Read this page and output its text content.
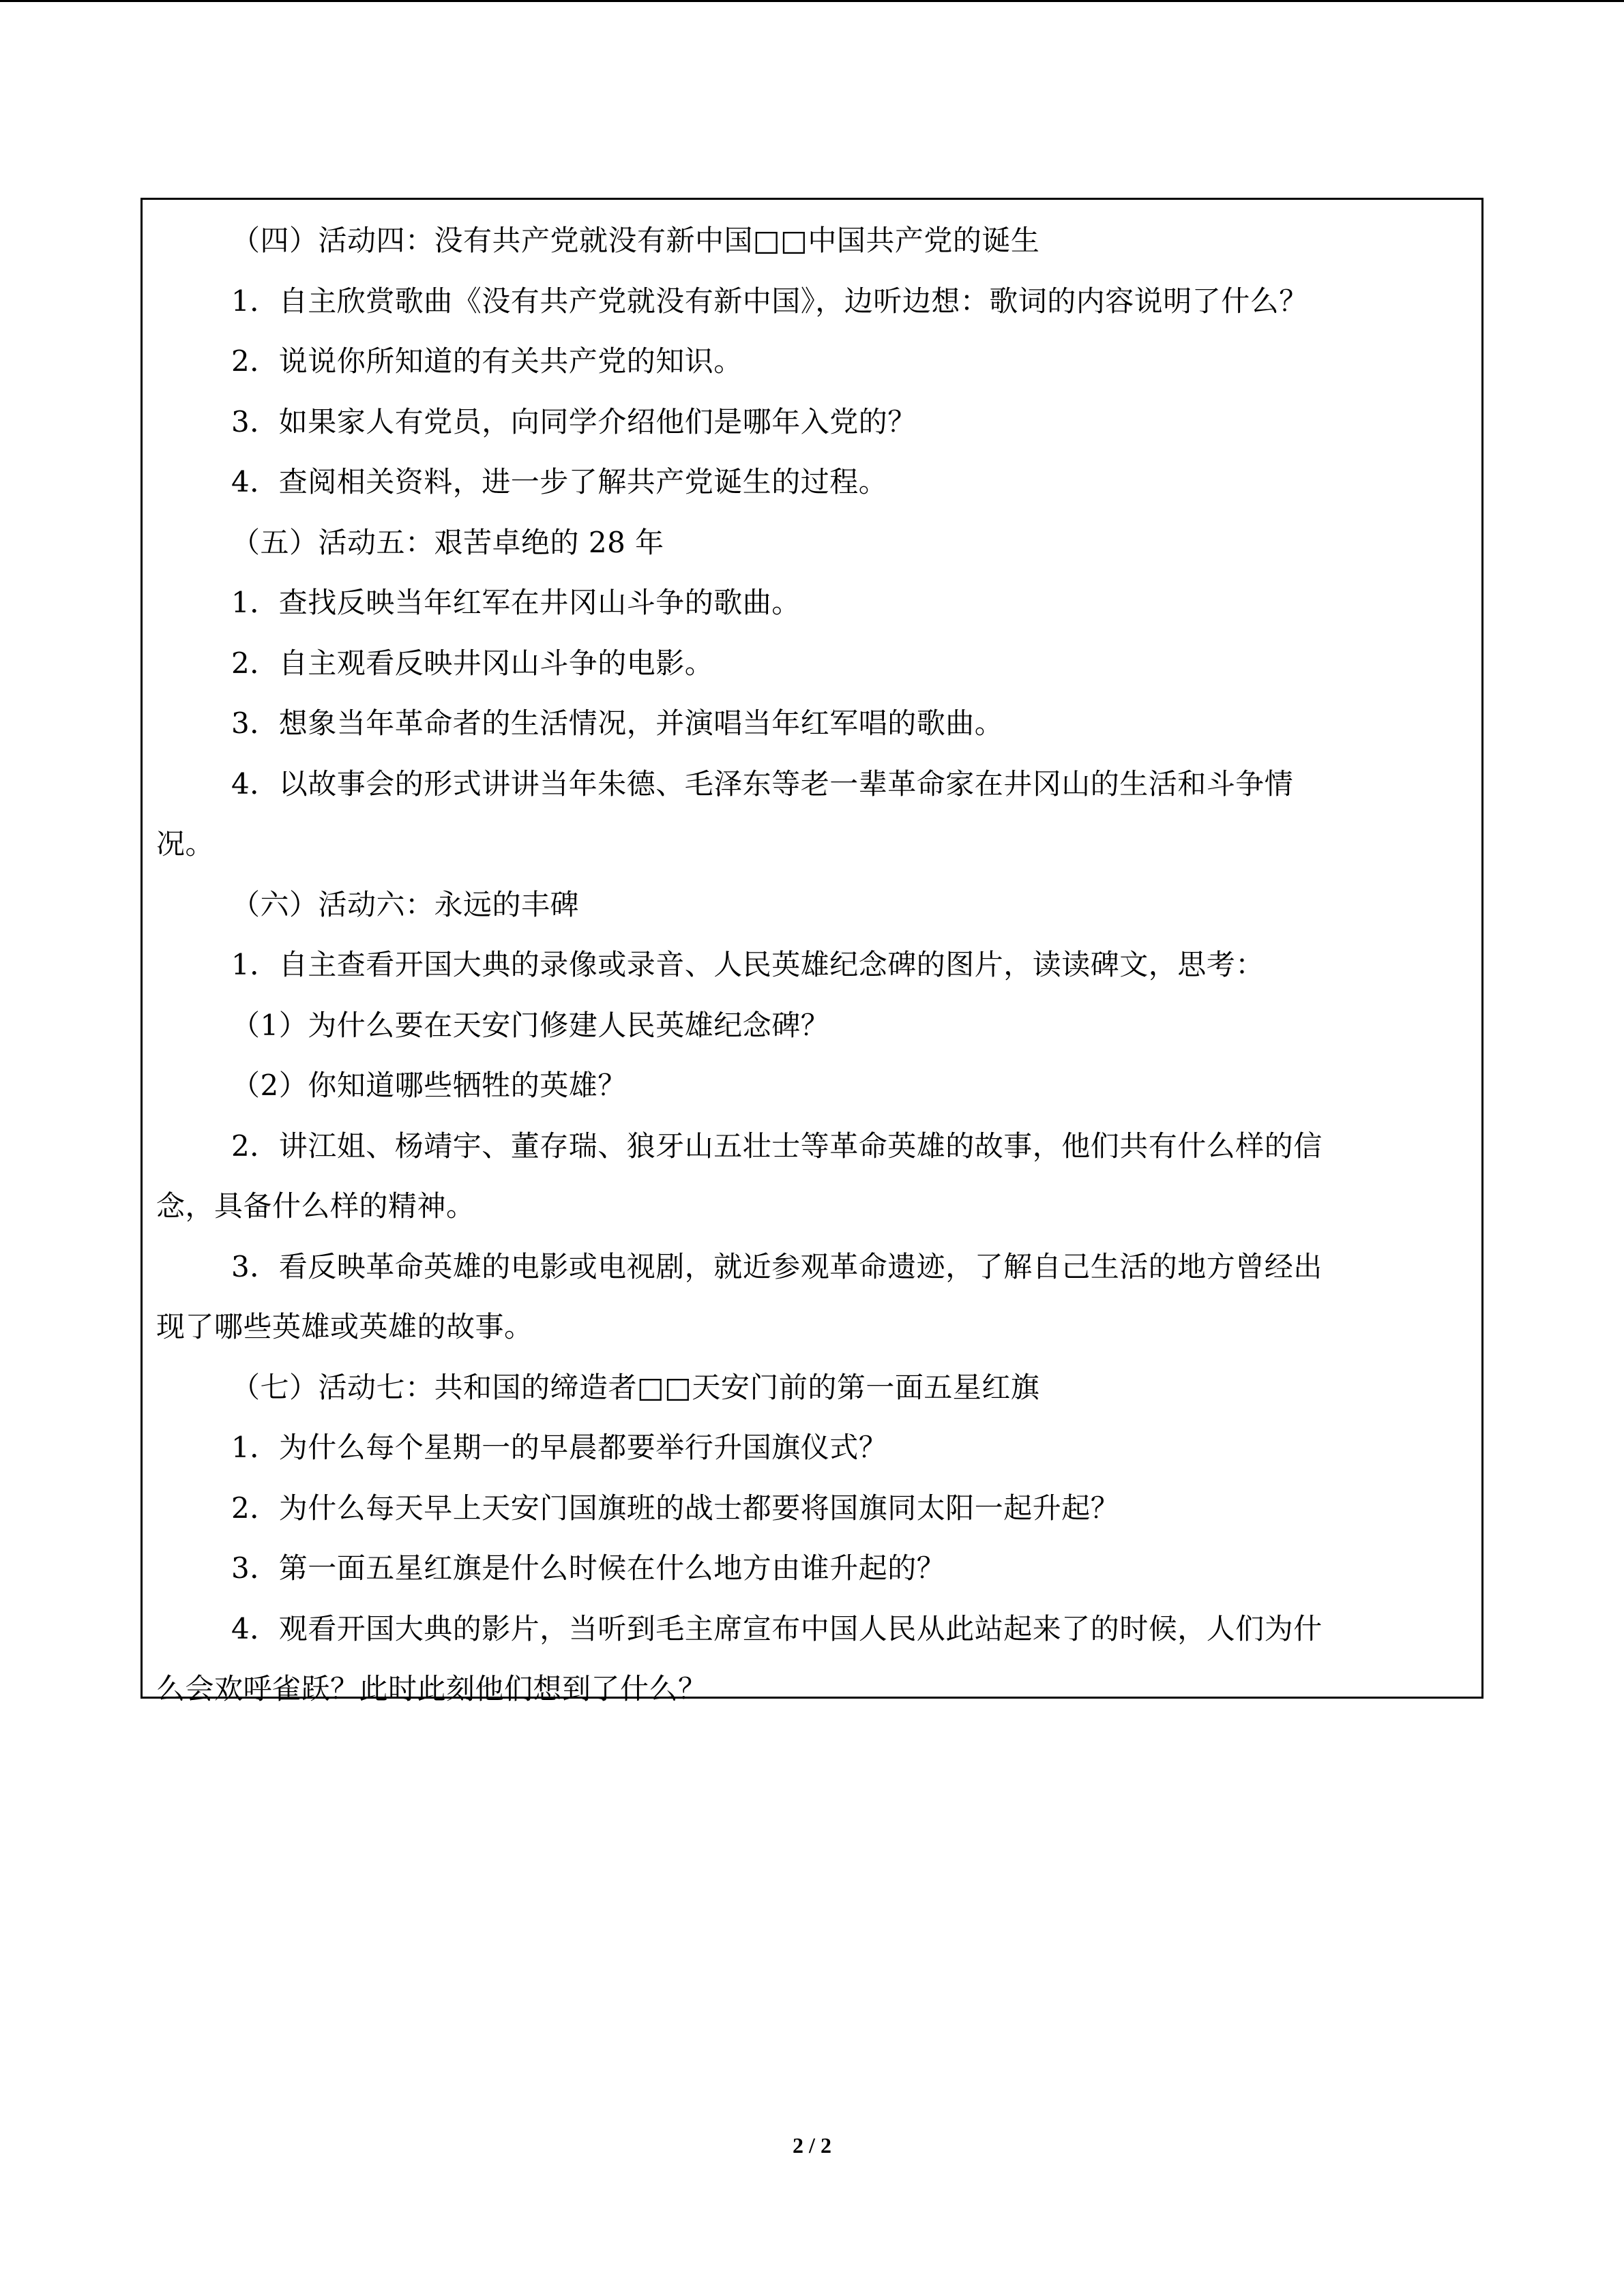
（四）活动四：没有共产党就没有新中国□□中国共产党的诞生
1．自主欣赏歌曲《没有共产党就没有新中国》，边听边想：歌词的内容说明了什么？
2．说说你所知道的有关共产党的知识。
3．如果家人有党员，向同学介绍他们是哪年入党的？
4．查阅相关资料，进一步了解共产党诞生的过程。
（五）活动五：艰苦卓绝的 28 年
1．查找反映当年红军在井冈山斗争的歌曲。
2．自主观看反映井冈山斗争的电影。
3．想象当年革命者的生活情况，并演唱当年红军唱的歌曲。
4．以故事会的形式讲讲当年朱德、毛泽东等老一辈革命家在井冈山的生活和斗争情
况。
（六）活动六：永远的丰碑
1．自主查看开国大典的录像或录音、人民英雄纪念碑的图片，读读碑文，思考：
（1）为什么要在天安门修建人民英雄纪念碑？
（2）你知道哪些牺牲的英雄？
2．讲江姐、杨靖宇、董存瑞、狼牙山五壮士等革命英雄的故事，他们共有什么样的信
念，具备什么样的精神。
3．看反映革命英雄的电影或电视剧，就近参观革命遗迹，了解自己生活的地方曾经出
现了哪些英雄或英雄的故事。
（七）活动七：共和国的缔造者□□天安门前的第一面五星红旗
1．为什么每个星期一的早晨都要举行升国旗仪式？
2．为什么每天早上天安门国旗班的战士都要将国旗同太阳一起升起？
3．第一面五星红旗是什么时候在什么地方由谁升起的？
4．观看开国大典的影片，当听到毛主席宣布中国人民从此站起来了的时候，人们为什
么会欢呼雀跃？此时此刻他们想到了什么？
2 / 2
